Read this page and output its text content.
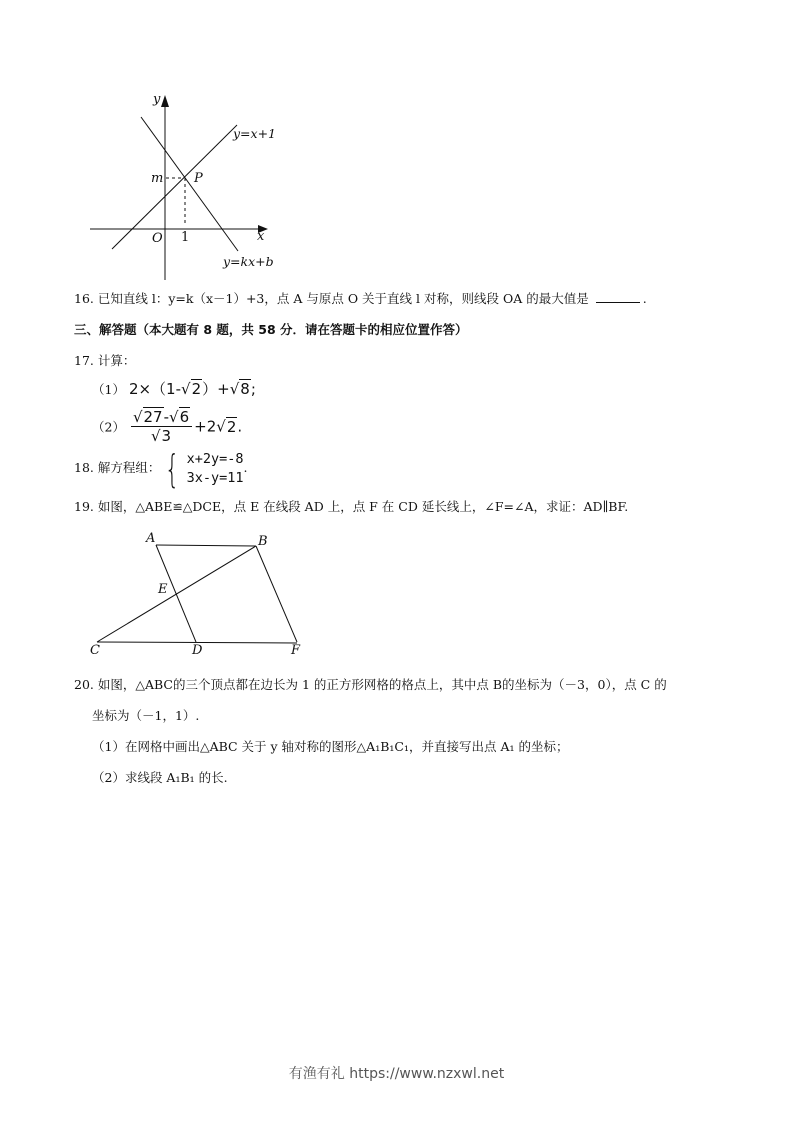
y
x
O 1
m P
y=x+1
y=kx+b
16. 已知直线 l：y=k（x－1）+3，点 A 与原点 O 关于直线 l 对称，则线段 OA 的最大值是	.
三、解答题（本大题有 8 题，共 58 分．请在答题卡的相应位置作答）
17. 计算：
（1） 2×（1-√2）+√8;
$(2) \frac{√27-√6}{√3} +2√2$.
18. 解方程组： { x+2y=-8
3x-y=11
.
19. 如图，△ABE≌△DCE，点 E 在线段 AD 上，点 F 在 CD 延长线上，∠F=∠A，求证：AD∥BF.
A	B
E
C	D	F
20. 如图，△ABC的三个顶点都在边长为 1 的正方形网格的格点上，其中点 B的坐标为（－3，0），点 C 的
坐标为（－1，1）.
（1）在网格中画出△ABC 关于 y 轴对称的图形△A₁B₁C₁，并直接写出点 A₁ 的坐标；
（2）求线段 A₁B₁ 的长.
有渔有礼 https://www.nzxwl.net
